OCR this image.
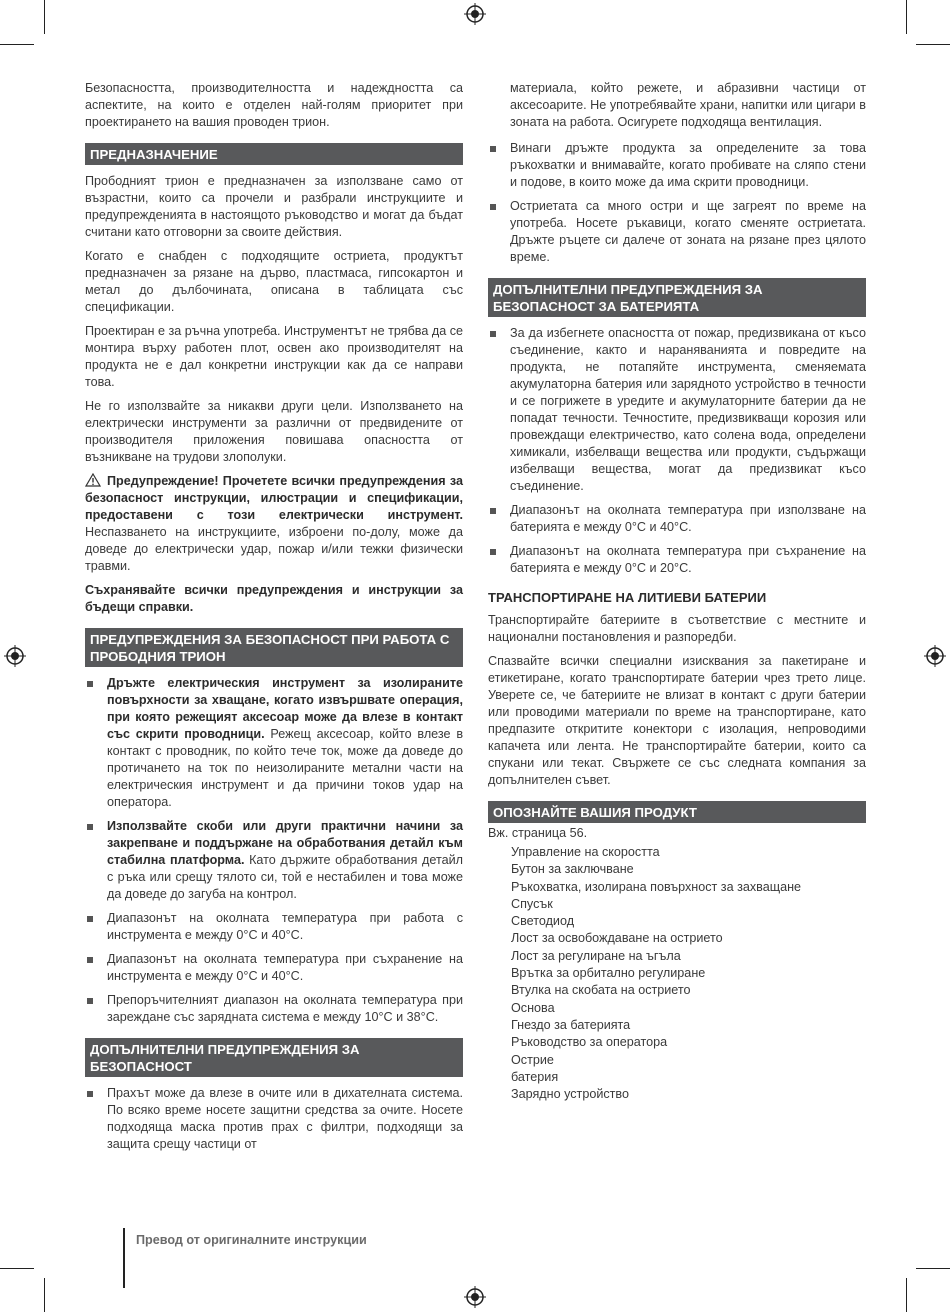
Безопасността, производителността и надеждността са аспектите, на които е отделен най-голям приоритет при проектирането на вашия проводен трион.

ПРЕДНАЗНАЧЕНИЕ

Прободният трион е предназначен за използване само от възрастни, които са прочели и разбрали инструкциите и предупрежденията в настоящото ръководство и могат да бъдат считани като отговорни за своите действия.

Когато е снабден с подходящите остриета, продуктът предназначен за рязане на дърво, пластмаса, гипсокартон и метал до дълбочината, описана в таблицата със спецификации.

Проектиран е за ръчна употреба. Инструментът не трябва да се монтира върху работен плот, освен ако производителят на продукта не е дал конкретни инструкции как да се направи това.

Не го използвайте за никакви други цели. Използването на електрически инструменти за различни от предвидените от производителя приложения повишава опасността от възникване на трудови злополуки.

Предупреждение! Прочетете всички предупреждения за безопасност инструкции, илюстрации и спецификации, предоставени с този електрически инструмент. Неспазването на инструкциите, изброени по-долу, може да доведе до електрически удар, пожар и/или тежки физически травми.

Съхранявайте всички предупреждения и инструкции за бъдещи справки.

ПРЕДУПРЕЖДЕНИЯ ЗА БЕЗОПАСНОСТ ПРИ РАБОТА С ПРОБОДНИЯ ТРИОН
Дръжте електрическия инструмент за изолираните повърхности за хващане, когато извършвате операция, при която режещият аксесоар може да влезе в контакт със скрити проводници. Режещ аксесоар, който влезе в контакт с проводник, по който тече ток, може да доведе до протичането на ток по неизолираните метални части на електрическия инструмент и да причини токов удар на оператора.
Използвайте скоби или други практични начини за закрепване и поддържане на обработвания детайл към стабилна платформа. Като държите обработвания детайл с ръка или срещу тялото си, той е нестабилен и това може да доведе до загуба на контрол.
Диапазонът на околната температура при работа с инструмента е между 0°C и 40°C.
Диапазонът на околната температура при съхранение на инструмента е между 0°C и 40°C.
Препоръчителният диапазон на околната температура при зареждане със зарядната система е между 10°C и 38°C.
ДОПЪЛНИТЕЛНИ ПРЕДУПРЕЖДЕНИЯ ЗА БЕЗОПАСНОСТ
Прахът може да влезе в очите или в дихателната система. По всяко време носете защитни средства за очите. Носете подходяща маска против прах с филтри, подходящи за защита срещу частици от
материала, който режете, и абразивни частици от аксесоарите. Не употребявайте храни, напитки или цигари в зоната на работа. Осигурете подходяща вентилация.
Винаги дръжте продукта за определените за това ръкохватки и внимавайте, когато пробивате на сляпо стени и подове, в които може да има скрити проводници.
Остриетата са много остри и ще загреят по време на употреба. Носете ръкавици, когато сменяте остриетата. Дръжте ръцете си далече от зоната на рязане през цялото време.
ДОПЪЛНИТЕЛНИ ПРЕДУПРЕЖДЕНИЯ ЗА БЕЗОПАСНОСТ ЗА БАТЕРИЯТА
За да избегнете опасността от пожар, предизвикана от късо съединение, както и нараняванията и повредите на продукта, не потапяйте инструмента, сменяемата акумулаторна батерия или зарядното устройство в течности и се погрижете в уредите и акумулаторните батерии да не попадат течности. Течностите, предизвикващи корозия или провеждащи електричество, като солена вода, определени химикали, избелващи вещества или продукти, съдържащи избелващи вещества, могат да предизвикат късо съединение.
Диапазонът на околната температура при използване на батерията е между 0°C и 40°C.
Диапазонът на околната температура при съхранение на батерията е между 0°C и 20°C.
ТРАНСПОРТИРАНЕ НА ЛИТИЕВИ БАТЕРИИ

Транспортирайте батериите в съответствие с местните и национални постановления и разпоредби.

Спазвайте всички специални изисквания за пакетиране и етикетиране, когато транспортирате батерии чрез трето лице. Уверете се, че батериите не влизат в контакт с други батерии или проводими материали по време на транспортиране, като предпазите откритите конектори с изолация, непроводими капачета или лента. Не транспортирайте батерии, които са спукани или текат. Свържете се със следната компания за допълнителен съвет.

ОПОЗНАЙТЕ ВАШИЯ ПРОДУКТ
Вж. страница 56.
Управление на скоростта
Бутон за заключване
Ръкохватка, изолирана повърхност за захващане
Спусък
Светодиод
Лост за освобождаване на острието
Лост за регулиране на ъгъла
Врътка за орбитално регулиране
Втулка на скобата на острието
Основа
Гнездо за батерията
Ръководство за оператора
Острие
батерия
Зарядно устройство
Превод от оригиналните инструкции
